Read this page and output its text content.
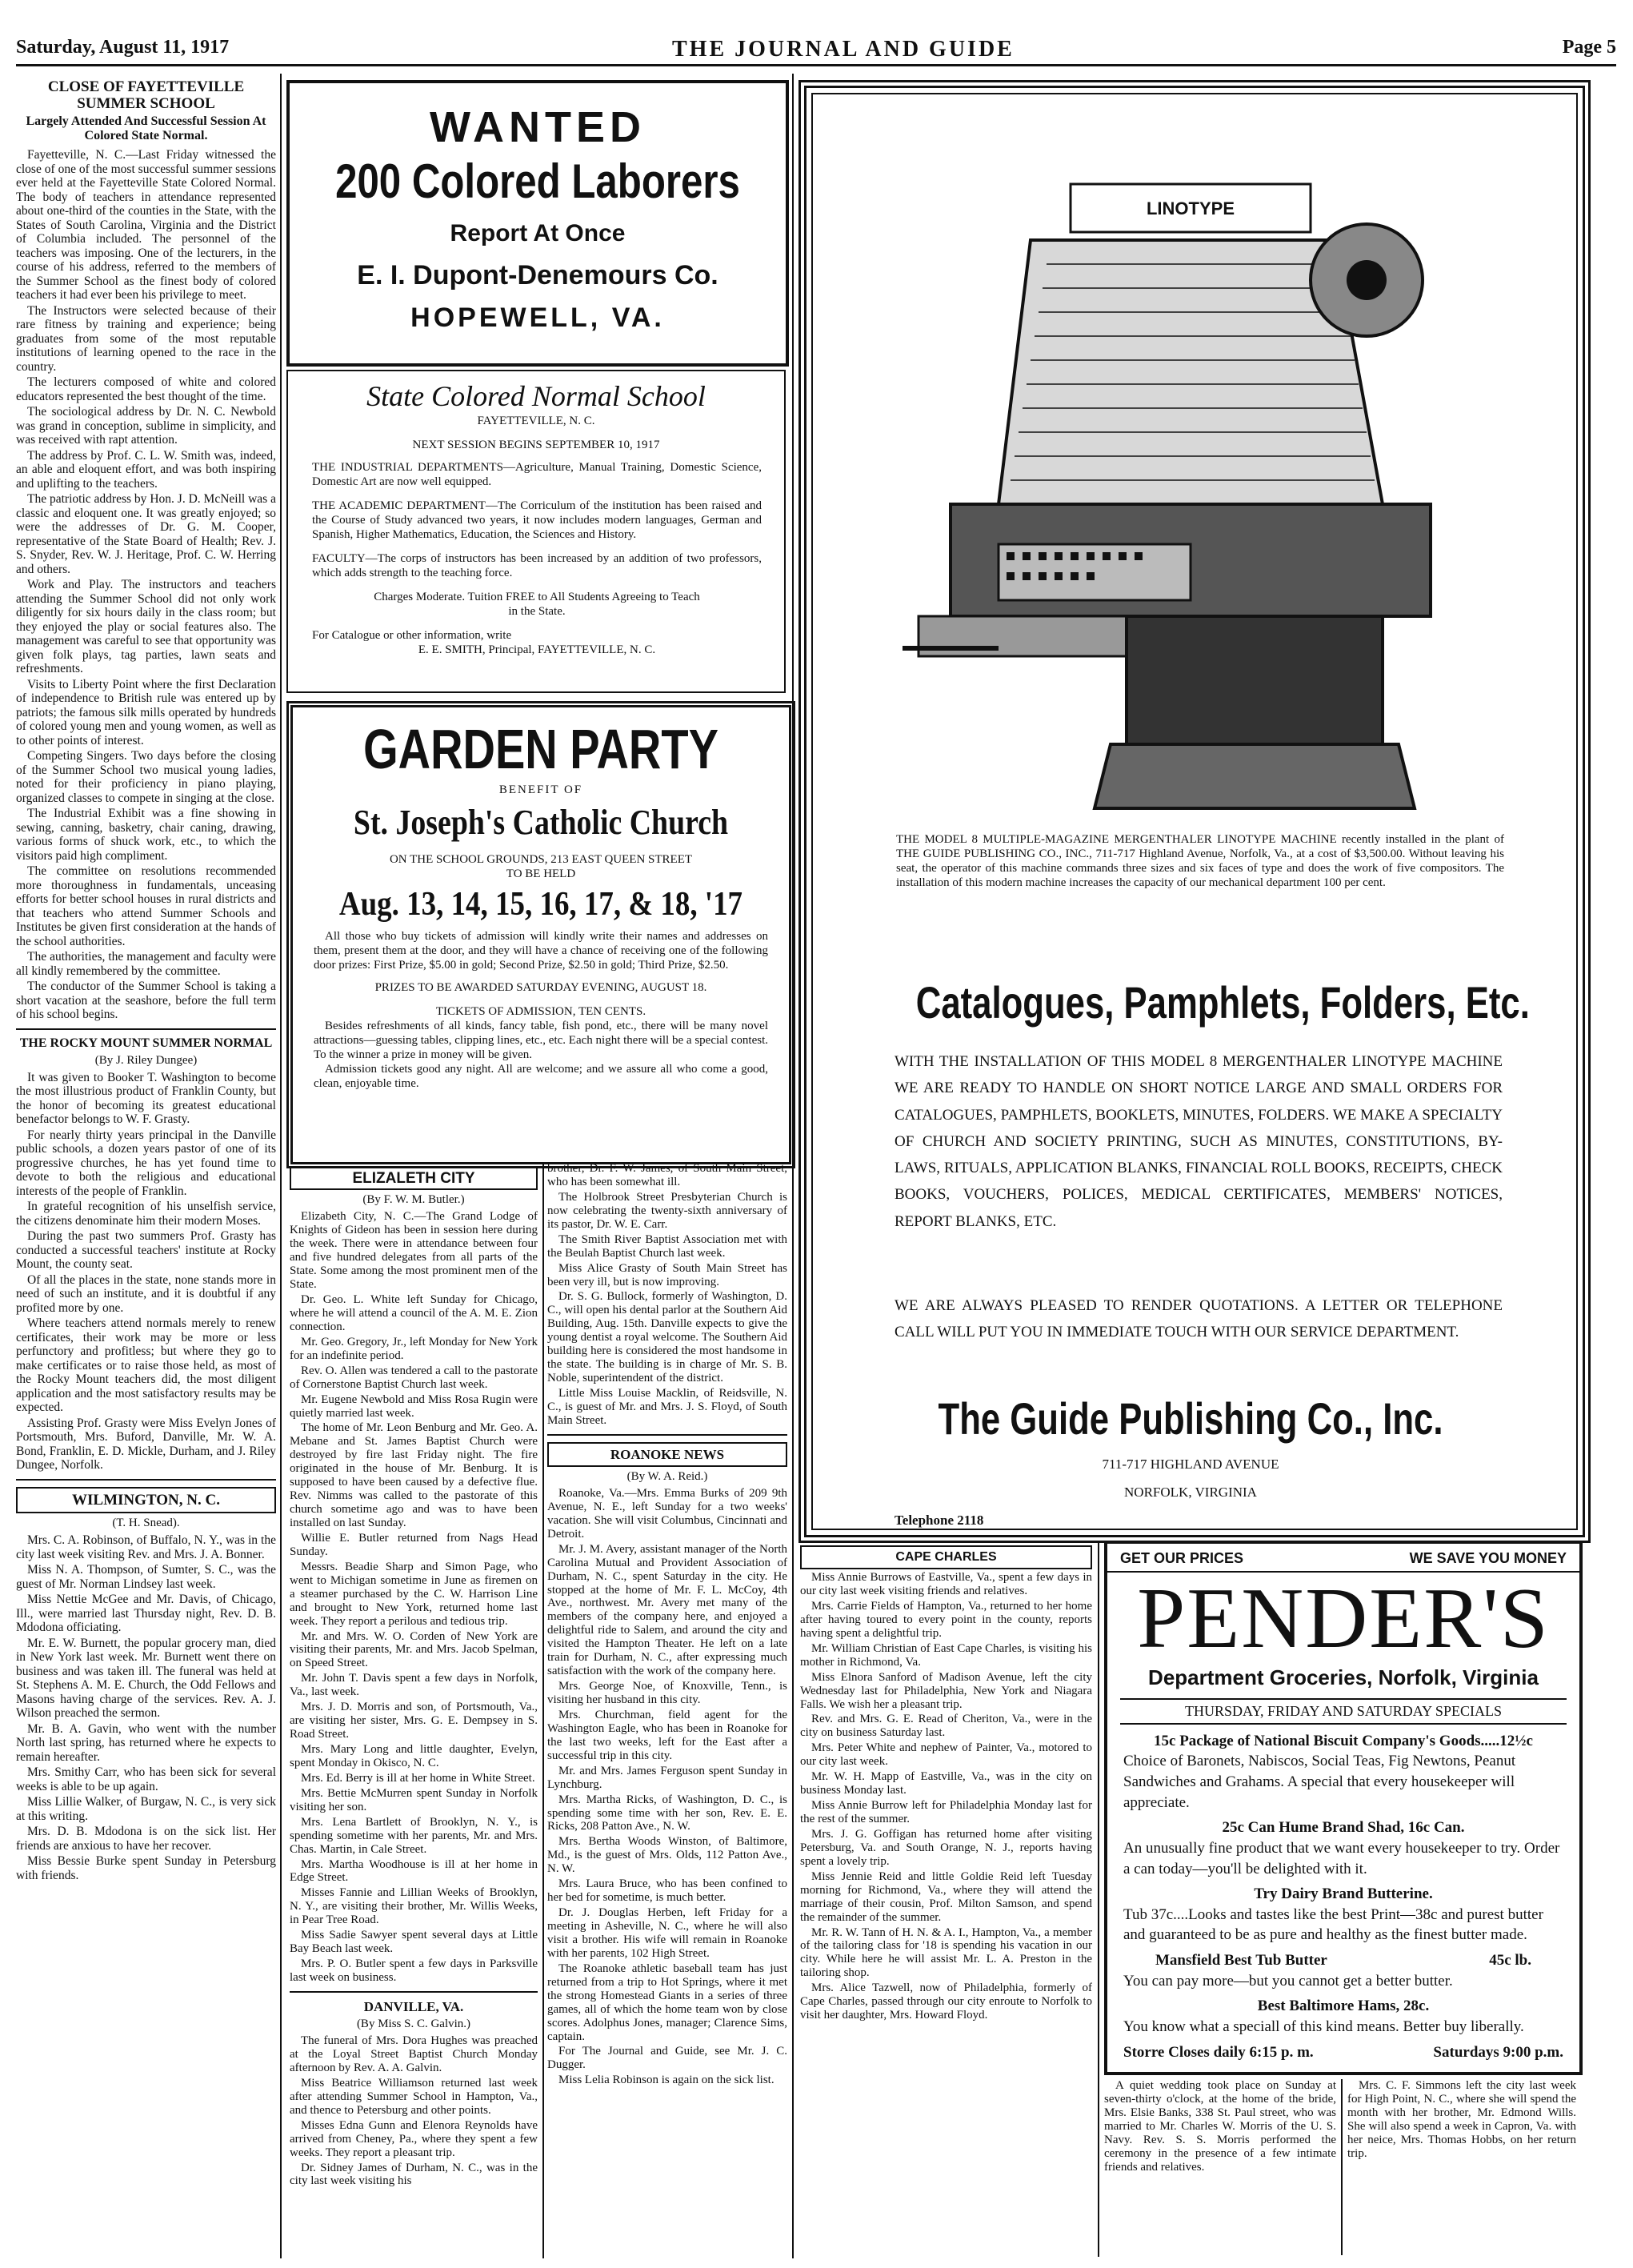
Saturday, August 11, 1917	THE JOURNAL AND GUIDE	Page 5
CLOSE OF FAYETTEVILLE SUMMER SCHOOL
Largely Attended And Successful Session At Colored State Normal.

Fayetteville, N. C.—Last Friday witnessed the close of one of the most successful summer sessions ever held at the Fayetteville State Colored Normal. The body of teachers in attendance represented about one-third of the counties in the State, with the States of South Carolina, Virginia and the District of Columbia included. The personnel of the teachers was imposing. One of the lecturers, in the course of his address, referred to the members of the Summer School as the finest body of colored teachers it had ever been his privilege to meet.

The Instructors were selected because of their rare fitness by training and experience; being graduates from some of the most reputable institutions of learning opened to the race in the country.

The lecturers composed of white and colored educators represented the best thought of the time.

The sociological address by Dr. N. C. Newbold was grand in conception, sublime in simplicity, and was received with rapt attention.

The address by Prof. C. L. W. Smith was, indeed, an able and eloquent effort, and was both inspiring and uplifting to the teachers.

The patriotic address by Hon. J. D. McNeill was a classic and eloquent one. It was greatly enjoyed; so were the addresses of Dr. G. M. Cooper, representative of the State Board of Health; Rev. J. S. Snyder, Rev. W. J. Heritage, Prof. C. W. Herring and others.

Work and Play. The instructors and teachers attending the Summer School did not only work diligently for six hours daily in the class room; but they enjoyed the play or social features also. The management was careful to see that opportunity was given folk plays, tag parties, lawn seats and refreshments.

Visits to Liberty Point where the first Declaration of independence to British rule was entered up by patriots; the famous silk mills operated by hundreds of colored young men and young women, as well as to other points of interest.

Competing Singers. Two days before the closing of the Summer School two musical young ladies, noted for their proficiency in piano playing, organized classes to compete in singing at the close.

The Industrial Exhibit was a fine showing in sewing, canning, basketry, chair caning, drawing, various forms of shuck work, etc., to which the visitors paid high compliment.

The committee on resolutions recommended more thoroughness in fundamentals, unceasing efforts for better school houses in rural districts and that teachers who attend Summer Schools and Institutes be given first consideration at the hands of the school authorities.

The authorities, the management and faculty were all kindly remembered by the committee.

The conductor of the Summer School is taking a short vacation at the seashore, before the full term of his school begins.

THE ROCKY MOUNT SUMMER NORMAL
(By J. Riley Dungee)

It was given to Booker T. Washington to become the most illustrious product of Franklin County, but the honor of becoming its greatest educational benefactor belongs to W. F. Grasty.

For nearly thirty years principal in the Danville public schools, a dozen years pastor of one of its progressive churches, he has yet found time to devote to both the religious and educational interests of the people of Franklin.

In grateful recognition of his unselfish service, the citizens denominate him their modern Moses.

During the past two summers Prof. Grasty has conducted a successful teachers' institute at Rocky Mount, the county seat.

Of all the places in the state, none stands more in need of such an institute, and it is doubtful if any profited more by one.

Where teachers attend normals merely to renew certificates, their work may be more or less perfunctory and profitless; but where they go to make certificates or to raise those held, as most of the Rocky Mount teachers did, the most diligent application and the most satisfactory results may be expected.

Assisting Prof. Grasty were Miss Evelyn Jones of Portsmouth, Mrs. Buford, Danville, Mr. W. A. Bond, Franklin, E. D. Mickle, Durham, and J. Riley Dungee, Norfolk.

WILMINGTON, N. C.
(T. H. Snead).

Mrs. C. A. Robinson, of Buffalo, N. Y., was in the city last week visiting Rev. and Mrs. J. A. Bonner.

Miss N. A. Thompson, of Sumter, S. C., was the guest of Mr. Norman Lindsey last week.

Miss Nettie McGee and Mr. Davis, of Chicago, Ill., were married last Thursday night, Rev. D. B. Mdodona officiating.

Mr. E. W. Burnett, the popular grocery man, died in New York last week. Mr. Burnett went there on business and was taken ill. The funeral was held at St. Stephens A. M. E. Church, the Odd Fellows and Masons having charge of the services. Rev. A. J. Wilson preached the sermon.

Mr. B. A. Gavin, who went with the number North last spring, has returned where he expects to remain hereafter.

Mrs. Smithy Carr, who has been sick for several weeks is able to be up again.

Miss Lillie Walker, of Burgaw, N. C., is very sick at this writing.

Mrs. D. B. Mdodona is on the sick list. Her friends are anxious to have her recover.

Miss Bessie Burke spent Sunday in Petersburg with friends.

WANTED
200 Colored Laborers
Report At Once
E. I. Dupont-Denemours Co.
HOPEWELL, VA.
State Colored Normal School
FAYETTEVILLE, N. C.
NEXT SESSION BEGINS SEPTEMBER 10, 1917

THE INDUSTRIAL DEPARTMENTS—Agriculture, Manual Training, Domestic Science, Domestic Art are now well equipped.

THE ACADEMIC DEPARTMENT—The Corriculum of the institution has been raised and the Course of Study advanced two years, it now includes modern languages, German and Spanish, Higher Mathematics, Education, the Sciences and History.

FACULTY—The corps of instructors has been increased by an addition of two professors, which adds strength to the teaching force.

Charges Moderate. Tuition FREE to All Students Agreeing to Teach in the State.

For Catalogue or other information, write

E. E. SMITH, Principal, FAYETTEVILLE, N. C.

GARDEN PARTY
BENEFIT OF
St. Joseph's Catholic Church
ON THE SCHOOL GROUNDS, 213 EAST QUEEN STREET
TO BE HELD
Aug. 13, 14, 15, 16, 17, & 18, '17

All those who buy tickets of admission will kindly write their names and addresses on them, present them at the door, and they will have a chance of receiving one of the following door prizes: First Prize, $5.00 in gold; Second Prize, $2.50 in gold; Third Prize, $2.50.

PRIZES TO BE AWARDED SATURDAY EVENING, AUGUST 18.

TICKETS OF ADMISSION, TEN CENTS.

Besides refreshments of all kinds, fancy table, fish pond, etc., there will be many novel attractions—guessing tables, clipping lines, etc., etc. Each night there will be a special contest. To the winner a prize in money will be given.

Admission tickets good any night. All are welcome; and we assure all who come a good, clean, enjoyable time.

ELIZALETH CITY
(By F. W. M. Butler.)

Elizabeth City, N. C.—The Grand Lodge of Knights of Gideon has been in session here during the week. There were in attendance between four and five hundred delegates from all parts of the State. Some among the most prominent men of the State.

Dr. Geo. L. White left Sunday for Chicago, where he will attend a council of the A. M. E. Zion connection.

Mr. Geo. Gregory, Jr., left Monday for New York for an indefinite period.

Rev. O. Allen was tendered a call to the pastorate of Cornerstone Baptist Church last week.

Mr. Eugene Newbold and Miss Rosa Rugin were quietly married last week.

The home of Mr. Leon Benburg and Mr. Geo. A. Mebane and St. James Baptist Church were destroyed by fire last Friday night. The fire originated in the house of Mr. Benburg. It is supposed to have been caused by a defective flue. Rev. Nimms was called to the pastorate of this church sometime ago and was to have been installed on last Sunday.

Willie E. Butler returned from Nags Head Sunday.

Messrs. Beadie Sharp and Simon Page, who went to Michigan sometime in June as firemen on a steamer purchased by the C. W. Harrison Line and brought to New York, returned home last week. They report a perilous and tedious trip.

Mr. and Mrs. W. O. Corden of New York are visiting their parents, Mr. and Mrs. Jacob Spelman, on Speed Street.

Mr. John T. Davis spent a few days in Norfolk, Va., last week.

Mrs. J. D. Morris and son, of Portsmouth, Va., are visiting her sister, Mrs. G. E. Dempsey in S. Road Street.

Mrs. Mary Long and little daughter, Evelyn, spent Monday in Okisco, N. C.

Mrs. Ed. Berry is ill at her home in White Street.

Mrs. Bettie McMurren spent Sunday in Norfolk visiting her son.

Mrs. Lena Bartlett of Brooklyn, N. Y., is spending sometime with her parents, Mr. and Mrs. Chas. Martin, in Cale Street.

Mrs. Martha Woodhouse is ill at her home in Edge Street.

Misses Fannie and Lillian Weeks of Brooklyn, N. Y., are visiting their brother, Mr. Willis Weeks, in Pear Tree Road.

Miss Sadie Sawyer spent several days at Little Bay Beach last week.

Mrs. P. O. Butler spent a few days in Parksville last week on business.

DANVILLE, VA.
(By Miss S. C. Galvin.)

The funeral of Mrs. Dora Hughes was preached at the Loyal Street Baptist Church Monday afternoon by Rev. A. A. Galvin.

Miss Beatrice Williamson returned last week after attending Summer School in Hampton, Va., and thence to Petersburg and other points.

Misses Edna Gunn and Elenora Reynolds have arrived from Cheney, Pa., where they spent a few weeks. They report a pleasant trip.

Dr. Sidney James of Durham, N. C., was in the city last week visiting his

brother, Dr. F. W. James, of South Main Street, who has been somewhat ill.

The Holbrook Street Presbyterian Church is now celebrating the twenty-sixth anniversary of its pastor, Dr. W. E. Carr.

The Smith River Baptist Association met with the Beulah Baptist Church last week.

Miss Alice Grasty of South Main Street has been very ill, but is now improving.

Dr. S. G. Bullock, formerly of Washington, D. C., will open his dental parlor at the Southern Aid Building, Aug. 15th. Danville expects to give the young dentist a royal welcome. The Southern Aid building here is considered the most handsome in the state. The building is in charge of Mr. S. B. Noble, superintendent of the district.

Little Miss Louise Macklin, of Reidsville, N. C., is guest of Mr. and Mrs. J. S. Floyd, of South Main Street.

ROANOKE NEWS
(By W. A. Reid.)

Roanoke, Va.—Mrs. Emma Burks of 209 9th Avenue, N. E., left Sunday for a two weeks' vacation. She will visit Columbus, Cincinnati and Detroit.

Mr. J. M. Avery, assistant manager of the North Carolina Mutual and Provident Association of Durham, N. C., spent Saturday in the city. He stopped at the home of Mr. F. L. McCoy, 4th Ave., northwest. Mr. Avery met many of the members of the company here, and enjoyed a delightful ride to Salem, and around the city and visited the Hampton Theater. He left on a late train for Durham, N. C., after expressing much satisfaction with the work of the company here.

Mrs. George Noe, of Knoxville, Tenn., is visiting her husband in this city.

Mrs. Churchman, field agent for the Washington Eagle, who has been in Roanoke for the last two weeks, left for the East after a successful trip in this city.

Mr. and Mrs. James Ferguson spent Sunday in Lynchburg.

Mrs. Martha Ricks, of Washington, D. C., is spending some time with her son, Rev. E. E. Ricks, 208 Patton Ave., N. W.

Mrs. Bertha Woods Winston, of Baltimore, Md., is the guest of Mrs. Olds, 112 Patton Ave., N. W.

Mrs. Laura Bruce, who has been confined to her bed for sometime, is much better.

Dr. J. Douglas Herben, left Friday for a meeting in Asheville, N. C., where he will also visit a brother. His wife will remain in Roanoke with her parents, 102 High Street.

The Roanoke athletic baseball team has just returned from a trip to Hot Springs, where it met the strong Homestead Giants in a series of three games, all of which the home team won by close scores. Adolphus Jones, manager; Clarence Sims, captain.

For The Journal and Guide, see Mr. J. C. Dugger.

Miss Lelia Robinson is again on the sick list.

LINOTYPE
THE MODEL 8 MULTIPLE-MAGAZINE MERGENTHALER LINOTYPE MACHINE recently installed in the plant of THE GUIDE PUBLISHING CO., INC., 711-717 Highland Avenue, Norfolk, Va., at a cost of $3,500.00. Without leaving his seat, the operator of this machine commands three sizes and six faces of type and does the work of five compositors. The installation of this modern machine increases the capacity of our mechanical department 100 per cent.
Catalogues, Pamphlets, Folders, Etc.
WITH THE INSTALLATION OF THIS MODEL 8 MERGENTHALER LINOTYPE MACHINE WE ARE READY TO HANDLE ON SHORT NOTICE LARGE AND SMALL ORDERS FOR CATALOGUES, PAMPHLETS, BOOKLETS, MINUTES, FOLDERS. WE MAKE A SPECIALTY OF CHURCH AND SOCIETY PRINTING, SUCH AS MINUTES, CONSTITUTIONS, BY-LAWS, RITUALS, APPLICATION BLANKS, FINANCIAL ROLL BOOKS, RECEIPTS, CHECK BOOKS, VOUCHERS, POLICES, MEDICAL CERTIFICATES, MEMBERS' NOTICES, REPORT BLANKS, ETC.
WE ARE ALWAYS PLEASED TO RENDER QUOTATIONS. A LETTER OR TELEPHONE CALL WILL PUT YOU IN IMMEDIATE TOUCH WITH OUR SERVICE DEPARTMENT.
The Guide Publishing Co., Inc.
711-717 HIGHLAND AVENUE
NORFOLK, VIRGINIA
Telephone 2118
CAPE CHARLES

Miss Annie Burrows of Eastville, Va., spent a few days in our city last week visiting friends and relatives.

Mrs. Carrie Fields of Hampton, Va., returned to her home after having toured to every point in the county, reports having spent a delightful trip.

Mr. William Christian of East Cape Charles, is visiting his mother in Richmond, Va.

Miss Elnora Sanford of Madison Avenue, left the city Wednesday last for Philadelphia, New York and Niagara Falls. We wish her a pleasant trip.

Rev. and Mrs. G. E. Read of Cheriton, Va., were in the city on business Saturday last.

Mrs. Peter White and nephew of Painter, Va., motored to our city last week.

Mr. W. H. Mapp of Eastville, Va., was in the city on business Monday last.

Miss Annie Burrow left for Philadelphia Monday last for the rest of the summer.

Mrs. J. G. Goffigan has returned home after visiting Petersburg, Va. and South Orange, N. J., reports having spent a lovely trip.

Miss Jennie Reid and little Goldie Reid left Tuesday morning for Richmond, Va., where they will attend the marriage of their cousin, Prof. Milton Samson, and spend the remainder of the summer.

Mr. R. W. Tann of H. N. & A. I., Hampton, Va., a member of the tailoring class for '18 is spending his vacation in our city. While here he will assist Mr. L. A. Preston in the tailoring shop.

Mrs. Alice Tazwell, now of Philadelphia, formerly of Cape Charles, passed through our city enroute to Norfolk to visit her daughter, Mrs. Howard Floyd.

GET OUR PRICES	WE SAVE YOU MONEY
PENDER'S
Department Groceries, Norfolk, Virginia
THURSDAY, FRIDAY AND SATURDAY SPECIALS
15c Package of National Biscuit Company's Goods.....12½c
Choice of Baronets, Nabiscos, Social Teas, Fig Newtons, Peanut Sandwiches and Grahams. A special that every housekeeper will appreciate.
25c Can Hume Brand Shad, 16c Can.
An unusually fine product that we want every housekeeper to try. Order a can today—you'll be delighted with it.
Try Dairy Brand Butterine.
Tub 37c....Looks and tastes like the best Print—38c and purest butter and guaranteed to be as pure and healthy as the finest butter made.
Mansfield Best Tub Butter	45c lb.
You can pay more—but you cannot get a better butter.
Best Baltimore Hams, 28c.
You know what a speciall of this kind means. Better buy liberally.
Storre Closes daily 6:15 p. m.	Saturdays 9:00 p.m.

A quiet wedding took place on Sunday at seven-thirty o'clock, at the home of the bride, Mrs. Elsie Banks, 338 St. Paul street, who was married to Mr. Charles W. Morris of the U. S. Navy. Rev. S. S. Morris performed the ceremony in the presence of a few intimate friends and relatives.

Mrs. C. F. Simmons left the city last week for High Point, N. C., where she will spend the month with her brother, Mr. Edmond Wills. She will also spend a week in Capron, Va. with her neice, Mrs. Thomas Hobbs, on her return trip.
